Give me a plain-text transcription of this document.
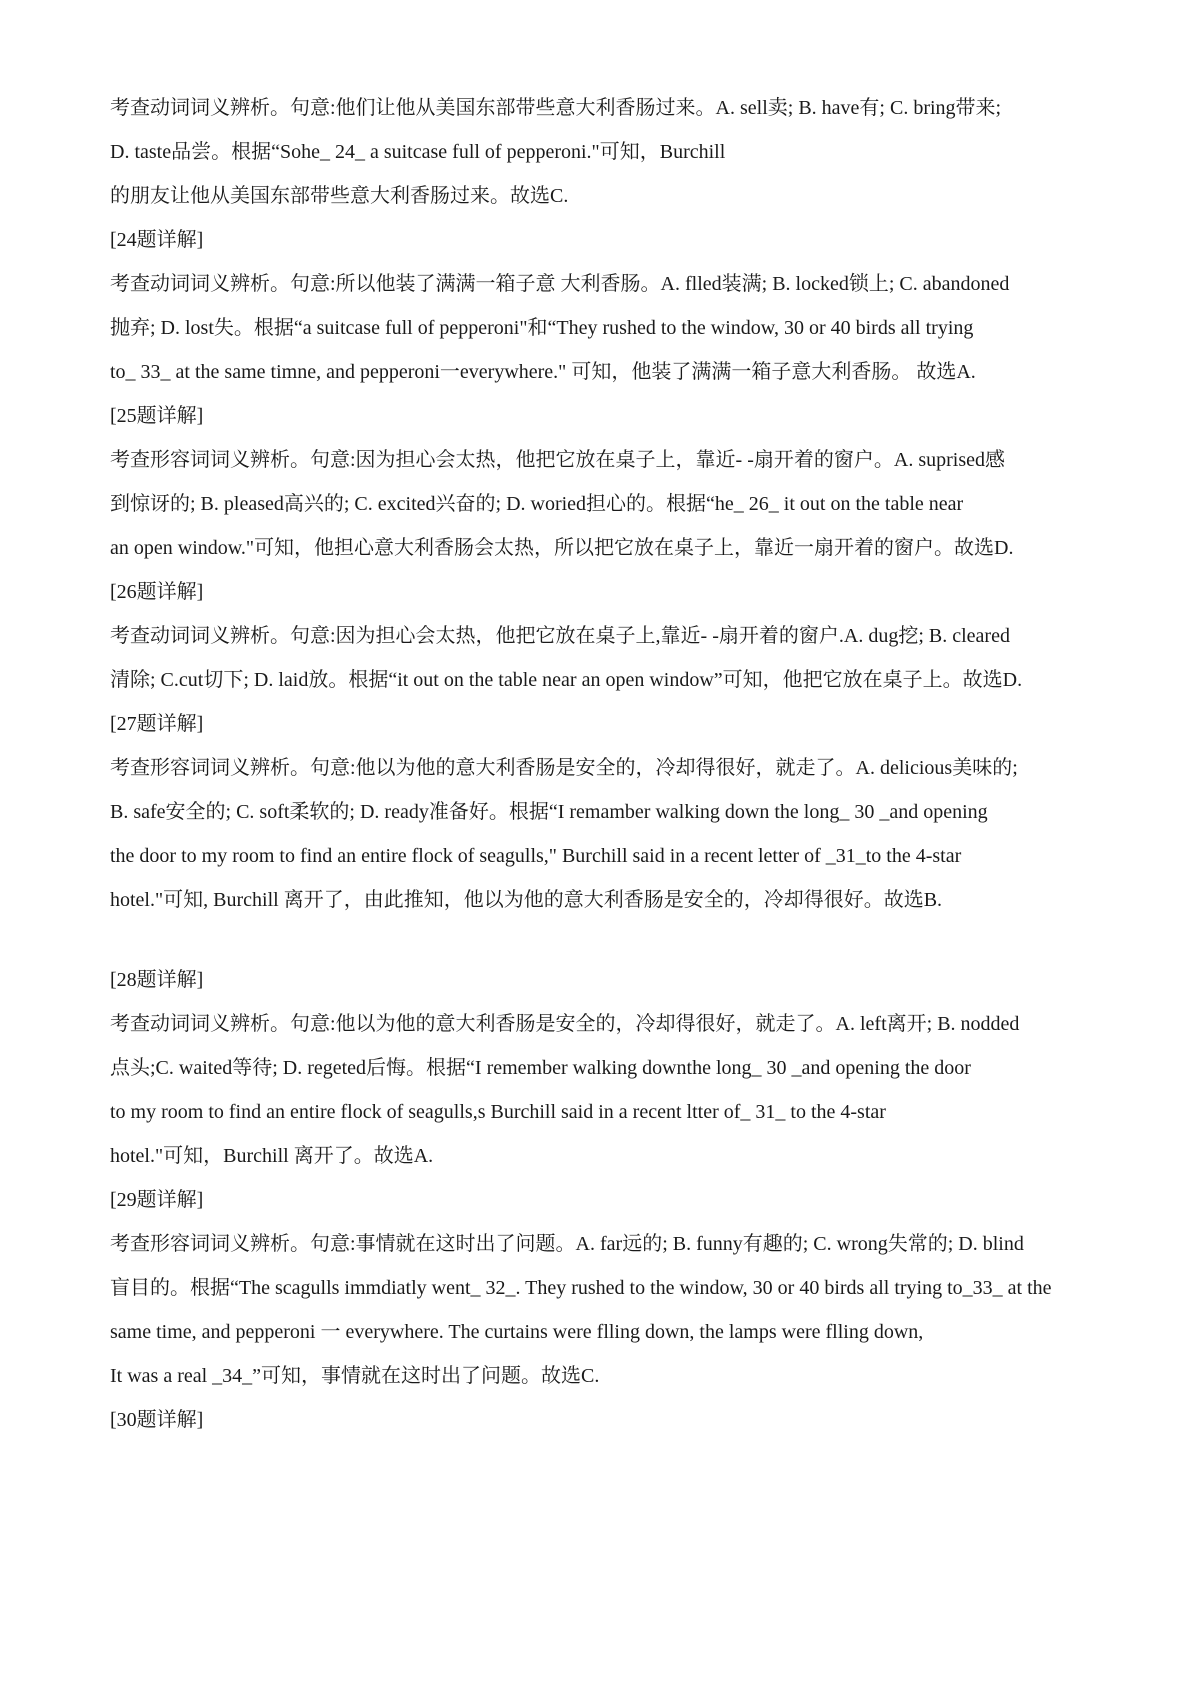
考查动词词义辨析。句意:他们让他从美国东部带些意大利香肠过来。A. sell卖; B. have有; C. bring带来;
D. taste品尝。根据“Sohe_ 24_ a suitcase full of pepperoni."可知，Burchill
的朋友让他从美国东部带些意大利香肠过来。故选C.
[24题详解]
考查动词词义辨析。句意:所以他装了满满一箱子意 大利香肠。A. flled装满; B. locked锁上; C. abandoned
抛弃; D. lost失。根据“a suitcase full of pepperoni"和“They rushed to the window, 30 or 40 birds all trying
to_ 33_ at the same timne, and pepperoni一everywhere." 可知，他装了满满一箱子意大利香肠。 故选A.
[25题详解]
考查形容词词义辨析。句意:因为担心会太热，他把它放在桌子上，靠近- -扇开着的窗户。A. suprised感
到惊讶的; B. pleased高兴的; C. excited兴奋的; D. woried担心的。根据“he_ 26_ it out on the table near
an open window."可知，他担心意大利香肠会太热，所以把它放在桌子上，靠近一扇开着的窗户。故选D.
[26题详解]
考查动词词义辨析。句意:因为担心会太热，他把它放在桌子上,靠近- -扇开着的窗户.A. dug挖; B. cleared
清除; C.cut切下; D. laid放。根据“it out on the table near an open window”可知，他把它放在桌子上。故选D.
[27题详解]
考查形容词词义辨析。句意:他以为他的意大利香肠是安全的，冷却得很好，就走了。A. delicious美味的;
B. safe安全的; C. soft柔软的; D. ready准备好。根据“I remamber walking down the long_ 30 _and opening
the door to my room to find an entire flock of seagulls," Burchill said in a recent letter of _31_to the 4-star
hotel."可知, Burchill 离开了，由此推知，他以为他的意大利香肠是安全的，冷却得很好。故选B.
[28题详解]
考查动词词义辨析。句意:他以为他的意大利香肠是安全的，冷却得很好，就走了。A. left离开; B. nodded
点头;C. waited等待; D. regeted后悔。根据“I remember walking downthe long_ 30 _and opening the door
to my room to find an entire flock of seagulls,s Burchill said in a recent ltter of_ 31_ to the 4-star
hotel."可知，Burchill 离开了。故选A.
[29题详解]
考查形容词词义辨析。句意:事情就在这时出了问题。A. far远的; B. funny有趣的; C. wrong失常的; D. blind
盲目的。根据“The scagulls immdiatly went_ 32_. They rushed to the window, 30 or 40 birds all trying to_33_ at the
same time, and pepperoni 一 everywhere. The curtains were flling down, the lamps were flling down,
It was a real _34_”可知，事情就在这时出了问题。故选C.
[30题详解]
